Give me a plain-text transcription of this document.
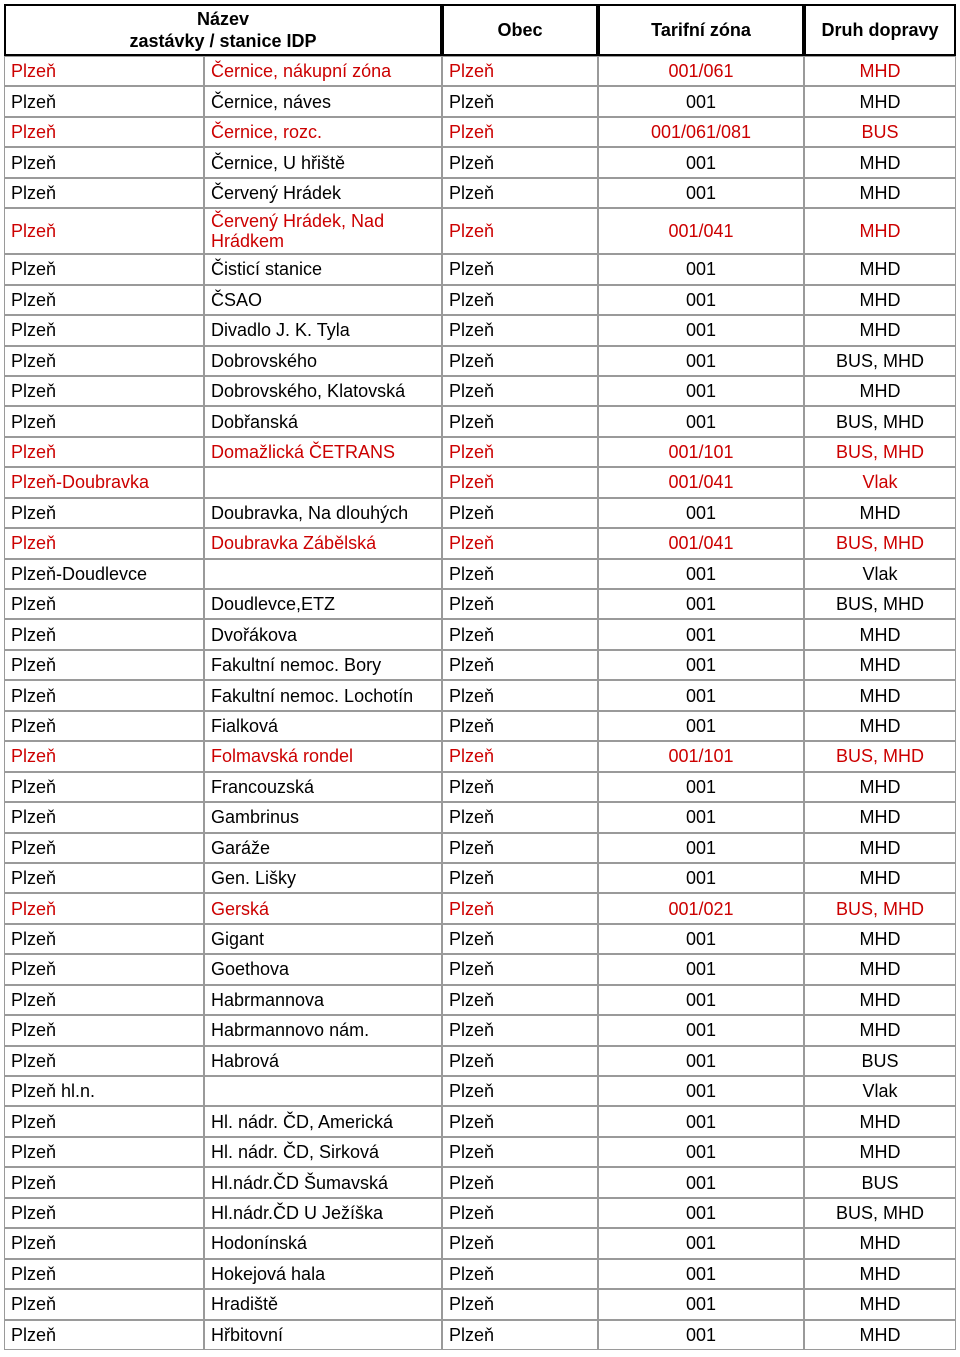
Název
zastávky / stanice IDP		Obec	Tarifní zóna	Druh dopravy
Plzeň	Černice, nákupní zóna	Plzeň	001/061	MHD
Plzeň	Černice, náves	Plzeň	001	MHD
Plzeň	Černice, rozc.	Plzeň	001/061/081	BUS
Plzeň	Černice, U hřiště	Plzeň	001	MHD
Plzeň	Červený Hrádek	Plzeň	001	MHD
Plzeň	Červený Hrádek, Nad Hrádkem	Plzeň	001/041	MHD
Plzeň	Čisticí stanice	Plzeň	001	MHD
Plzeň	ČSAO	Plzeň	001	MHD
Plzeň	Divadlo J. K. Tyla	Plzeň	001	MHD
Plzeň	Dobrovského	Plzeň	001	BUS, MHD
Plzeň	Dobrovského, Klatovská	Plzeň	001	MHD
Plzeň	Dobřanská	Plzeň	001	BUS, MHD
Plzeň	Domažlická ČETRANS	Plzeň	001/101	BUS, MHD
Plzeň-Doubravka		Plzeň	001/041	Vlak
Plzeň	Doubravka, Na dlouhých	Plzeň	001	MHD
Plzeň	Doubravka Zábělská	Plzeň	001/041	BUS, MHD
Plzeň-Doudlevce		Plzeň	001	Vlak
Plzeň	Doudlevce,ETZ	Plzeň	001	BUS, MHD
Plzeň	Dvořákova	Plzeň	001	MHD
Plzeň	Fakultní nemoc. Bory	Plzeň	001	MHD
Plzeň	Fakultní nemoc. Lochotín	Plzeň	001	MHD
Plzeň	Fialková	Plzeň	001	MHD
Plzeň	Folmavská rondel	Plzeň	001/101	BUS, MHD
Plzeň	Francouzská	Plzeň	001	MHD
Plzeň	Gambrinus	Plzeň	001	MHD
Plzeň	Garáže	Plzeň	001	MHD
Plzeň	Gen. Lišky	Plzeň	001	MHD
Plzeň	Gerská	Plzeň	001/021	BUS, MHD
Plzeň	Gigant	Plzeň	001	MHD
Plzeň	Goethova	Plzeň	001	MHD
Plzeň	Habrmannova	Plzeň	001	MHD
Plzeň	Habrmannovo nám.	Plzeň	001	MHD
Plzeň	Habrová	Plzeň	001	BUS
Plzeň hl.n.		Plzeň	001	Vlak
Plzeň	Hl. nádr. ČD, Americká	Plzeň	001	MHD
Plzeň	Hl. nádr. ČD, Sirková	Plzeň	001	MHD
Plzeň	Hl.nádr.ČD Šumavská	Plzeň	001	BUS
Plzeň	Hl.nádr.ČD U Ježíška	Plzeň	001	BUS, MHD
Plzeň	Hodonínská	Plzeň	001	MHD
Plzeň	Hokejová hala	Plzeň	001	MHD
Plzeň	Hradiště	Plzeň	001	MHD
Plzeň	Hřbitovní	Plzeň	001	MHD
